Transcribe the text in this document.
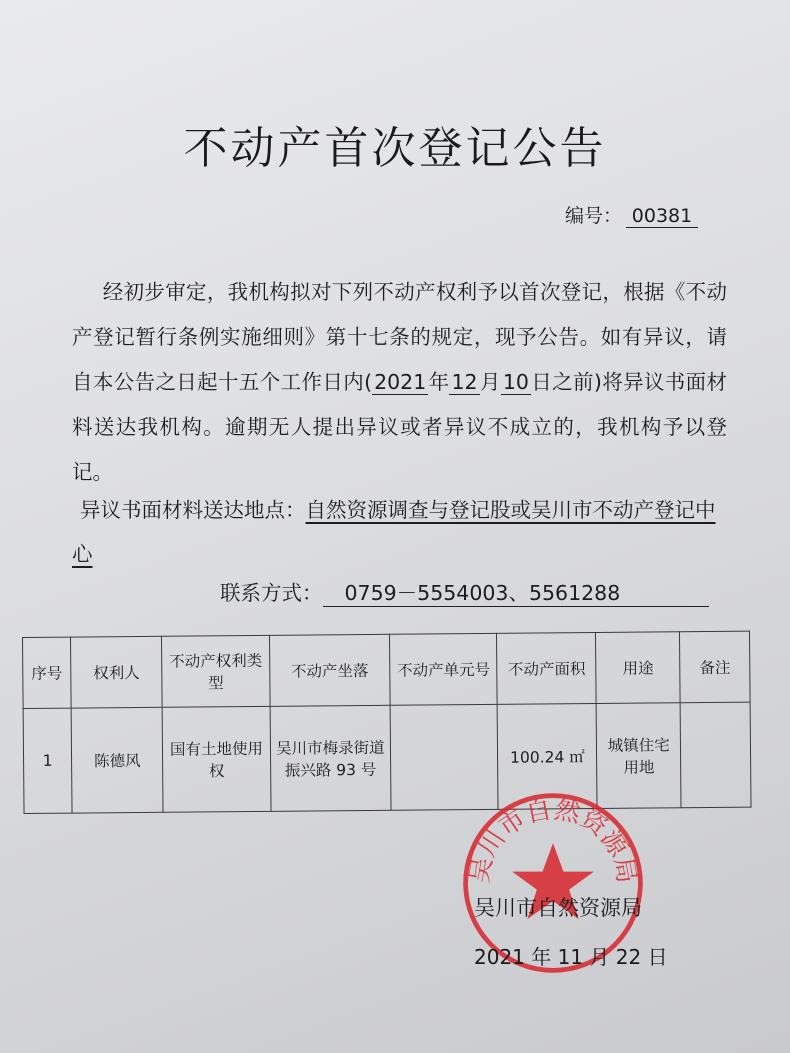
不动产首次登记公告
编号： 00381
经初步审定，我机构拟对下列不动产权利予以首次登记，根据《不动产登记暂行条例实施细则》第十七条的规定，现予公告。如有异议，请自本公告之日起十五个工作日内(2021年12月10日之前)将异议书面材料送达我机构。逾期无人提出异议或者异议不成立的，我机构予以登记。
异议书面材料送达地点：自然资源调查与登记股或吴川市不动产登记中心
联系方式： 0759－5554003、5561288
序号	权利人	不动产权利类型	不动产坐落	不动产单元号	不动产面积	用途	备注
1	陈德风	国有土地使用权	吴川市梅录街道振兴路 93 号		100.24 ㎡	城镇住宅用地	
吴川市自然资源局
吴川市自然资源局
2021 年 11 月 22 日
